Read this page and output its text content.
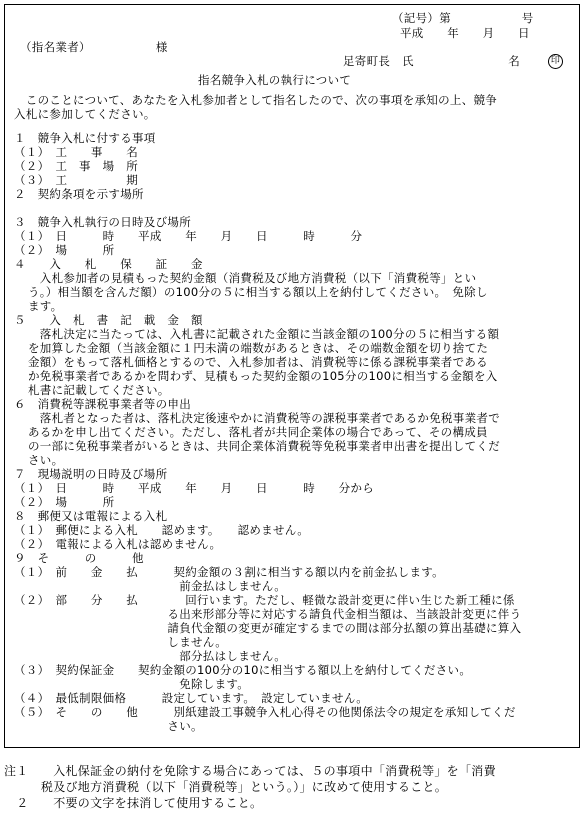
（記号）第　　　　　　号
平成　　年　　月　　日
（指名業者）　　　　　　様
足寄町長　氏　　　　　　　　名	印
指名競争入札の執行について
　このことについて、あなたを入札参加者として指名したので、次の事項を承知の上、競争
入札に参加してください。
１　競争入札に付する事項
（１）　工　　事　　名
（２）　工　事　場　所
（３）　工　　　　　期
２　契約条項を示す場所
３　競争入札執行の日時及び場所
（１）　日　　　時　　平成　　年　　月　　日　　　時　　　分
（２）　場　　　所
４　　入　　札　　保　　証　　金
　入札参加者の見積もった契約金額（消費税及び地方消費税（以下「消費税等」とい
う。）相当額を含んだ額）の100分の５に相当する額以上を納付してください。　免除し
ます。
５　　入　札　書　記　載　金　額
　落札決定に当たっては、入札書に記載された金額に当該金額の100分の５に相当する額
を加算した金額（当該金額に１円未満の端数があるときは、その端数金額を切り捨てた
金額）をもって落札価格とするので、入札参加者は、消費税等に係る課税事業者である
か免税事業者であるかを問わず、見積もった契約金額の105分の100に相当する金額を入
札書に記載してください。
６　消費税等課税事業者等の申出
　落札者となった者は、落札決定後速やかに消費税等の課税事業者であるか免税事業者で
あるかを申し出てください。ただし、落札者が共同企業体の場合であって、その構成員
の一部に免税事業者がいるときは、共同企業体消費税等免税事業者申出書を提出してくだ
さい。
７　現場説明の日時及び場所
（１）　日　　　時　　平成　　年　　月　　日　　　時　　分から
（２）　場　　　所
８　郵便又は電報による入札
（１）　郵便による入札　　認めます。　　認めません。
（２）　電報による入札は認めません。
９　そ　　　の　　　他
（１）　前　　金　　払　　　契約金額の３割に相当する額以内を前金払します。
　　　　　　　　　　　　　　前金払はしません。
（２）　部　　分　　払　　　　回行います。ただし、軽微な設計変更に伴い生じた新工種に係
　　　　　　　　　　　　　る出来形部分等に対応する請負代金相当額は、当該設計変更に伴う
　　　　　　　　　　　　　請負代金額の変更が確定するまでの間は部分払額の算出基礎に算入
　　　　　　　　　　　　　しません。
　　　　　　　　　　　　　　部分払はしません。
（３）　契約保証金　　契約金額の100分の10に相当する額以上を納付してください。
　　　　　　　　　　　　　　免除します。
（４）　最低制限価格　　　設定しています。　設定していません。
（５）　そ　　の　　他　　　別紙建設工事競争入札心得その他関係法令の規定を承知してくだ
　　　　　　　　　　　　　さい。
注１　　入札保証金の納付を免除する場合にあっては、５の事項中「消費税等」を「消費
　　　税及び地方消費税（以下「消費税等」という。）」に改めて使用すること。
　２　　不要の文字を抹消して使用すること。
